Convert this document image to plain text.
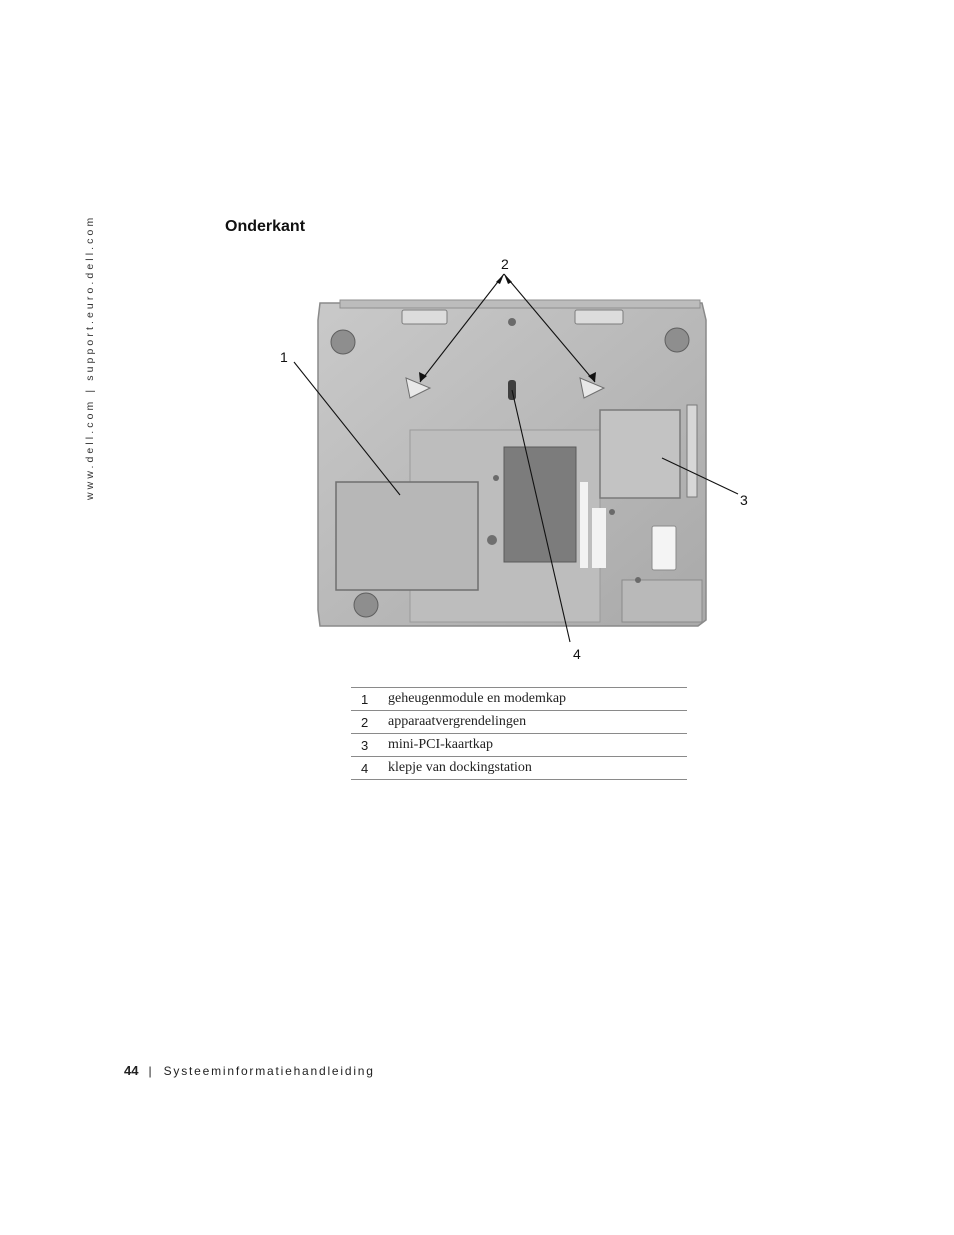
www.dell.com | support.euro.dell.com	Onderkant
2
1
3
4
1	geheugenmodule en modemkap
2	apparaatvergrendelingen
3	mini-PCI-kaartkap
4	klepje van dockingstation
44 | Systeeminformatiehandleiding
